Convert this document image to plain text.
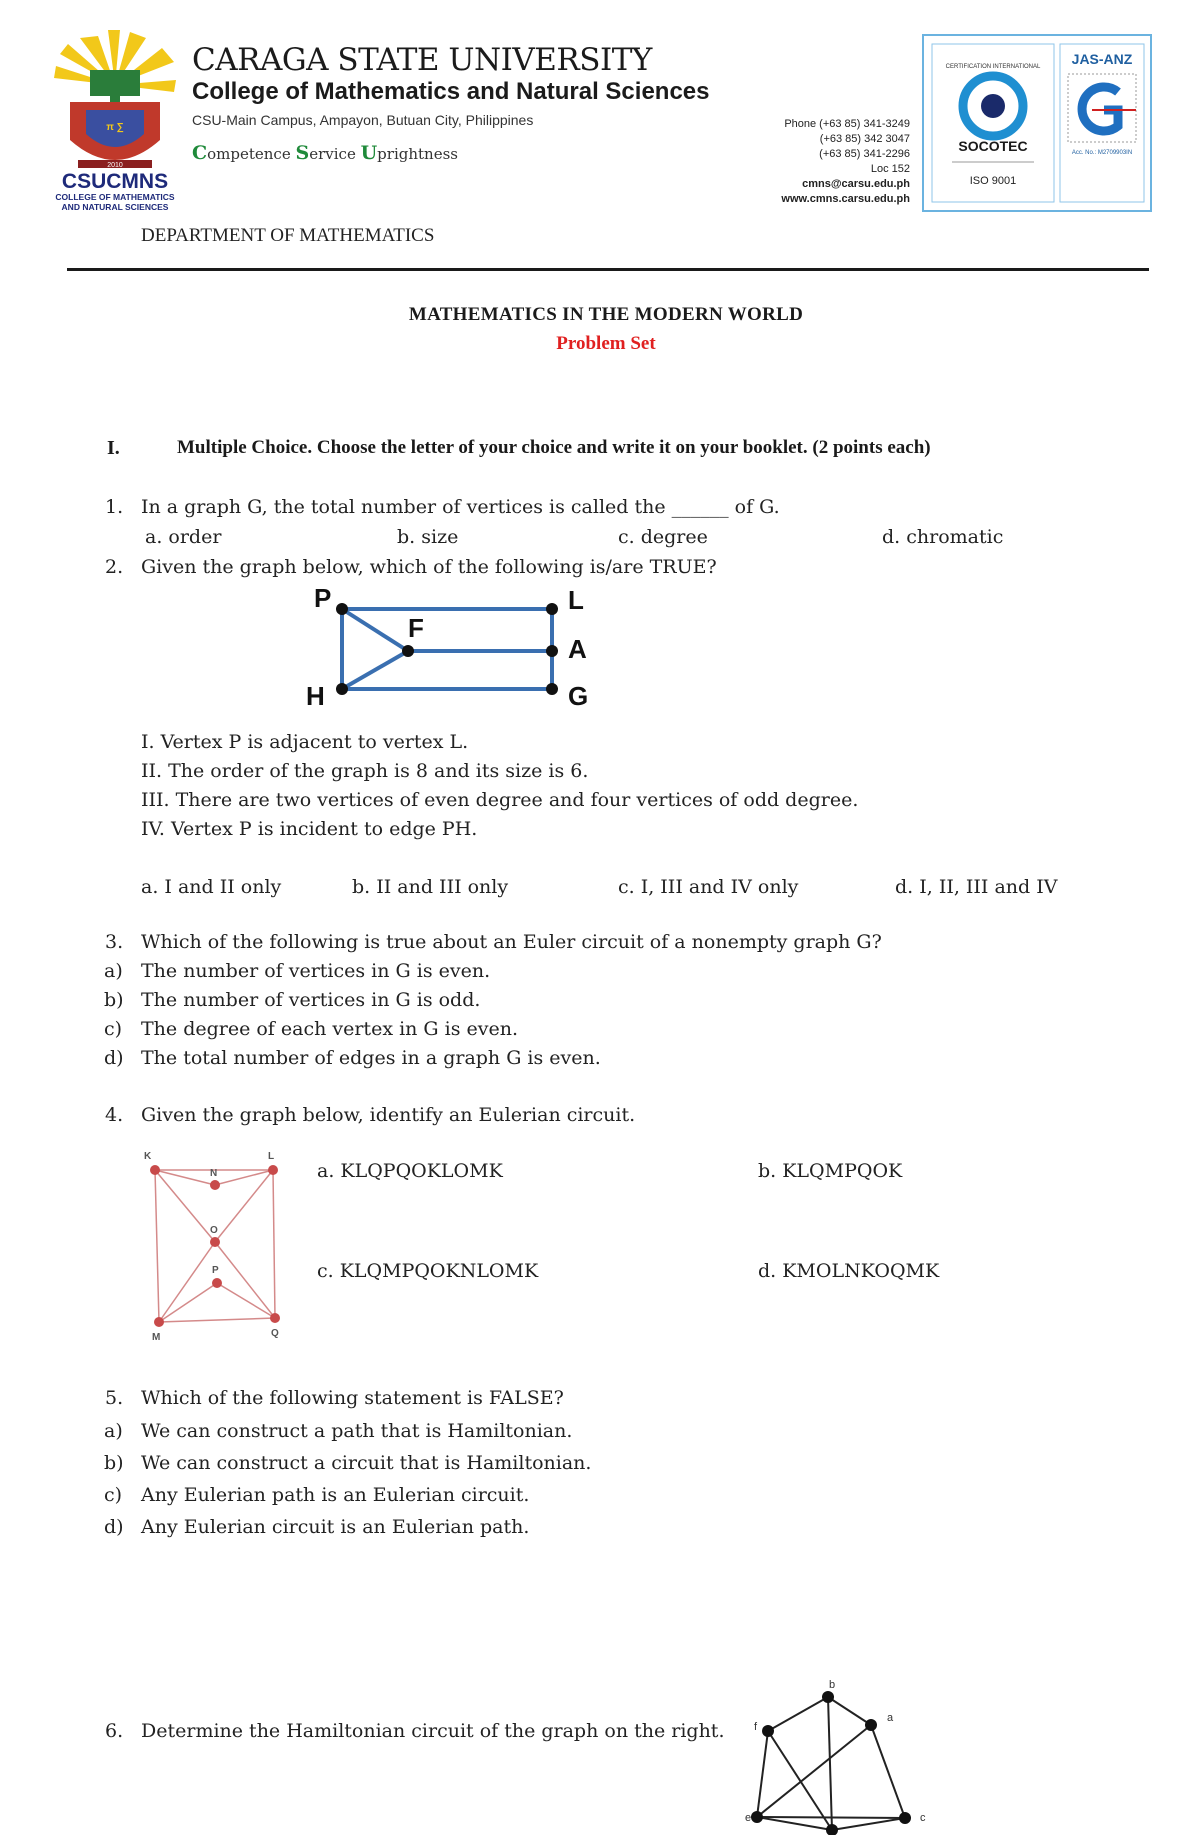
π ∑
2010
CSUCMNS
COLLEGE OF MATHEMATICS
AND NATURAL SCIENCES
CARAGA STATE UNIVERSITY
College of Mathematics and Natural Sciences
CSU-Main Campus, Ampayon, Butuan City, Philippines
Competence Service Uprightness
Phone (+63 85) 341-3249
(+63 85) 342 3047
(+63 85) 341-2296
Loc 152
cmns@carsu.edu.ph
www.cmns.carsu.edu.ph
CERTIFICATION INTERNATIONAL
SOCOTEC
ISO 9001
JAS-ANZ
Acc. No.: M2709903IN
DEPARTMENT OF MATHEMATICS
MATHEMATICS IN THE MODERN WORLD
Problem Set
I.	Multiple Choice. Choose the letter of your choice and write it on your booklet. (2 points each)
1. In a graph G, the total number of vertices is called the ______ of G.
a. order	b. size	c. degree	d. chromatic
2. Given the graph below, which of the following is/are TRUE?
P	L
F
A
H	G
I. Vertex P is adjacent to vertex L.
II. The order of the graph is 8 and its size is 6.
III. There are two vertices of even degree and four vertices of odd degree.
IV. Vertex P is incident to edge PH.
a. I and II only	b. II and III only	c. I, III and IV only	d. I, II, III and IV
3. Which of the following is true about an Euler circuit of a nonempty graph G?
a) The number of vertices in G is even.
b) The number of vertices in G is odd.
c) The degree of each vertex in G is even.
d) The total number of edges in a graph G is even.
4. Given the graph below, identify an Eulerian circuit.
K	L
N
O
P
M	Q
a. KLQPQOKLOMK	b. KLQMPQOK
c. KLQMPQOKNLOMK	d. KMOLNKOQMK
5. Which of the following statement is FALSE?
a) We can construct a path that is Hamiltonian.
b) We can construct a circuit that is Hamiltonian.
c) Any Eulerian path is an Eulerian circuit.
d) Any Eulerian circuit is an Eulerian path.
6. Determine the Hamiltonian circuit of the graph on the right.
b
a
f
c
e
